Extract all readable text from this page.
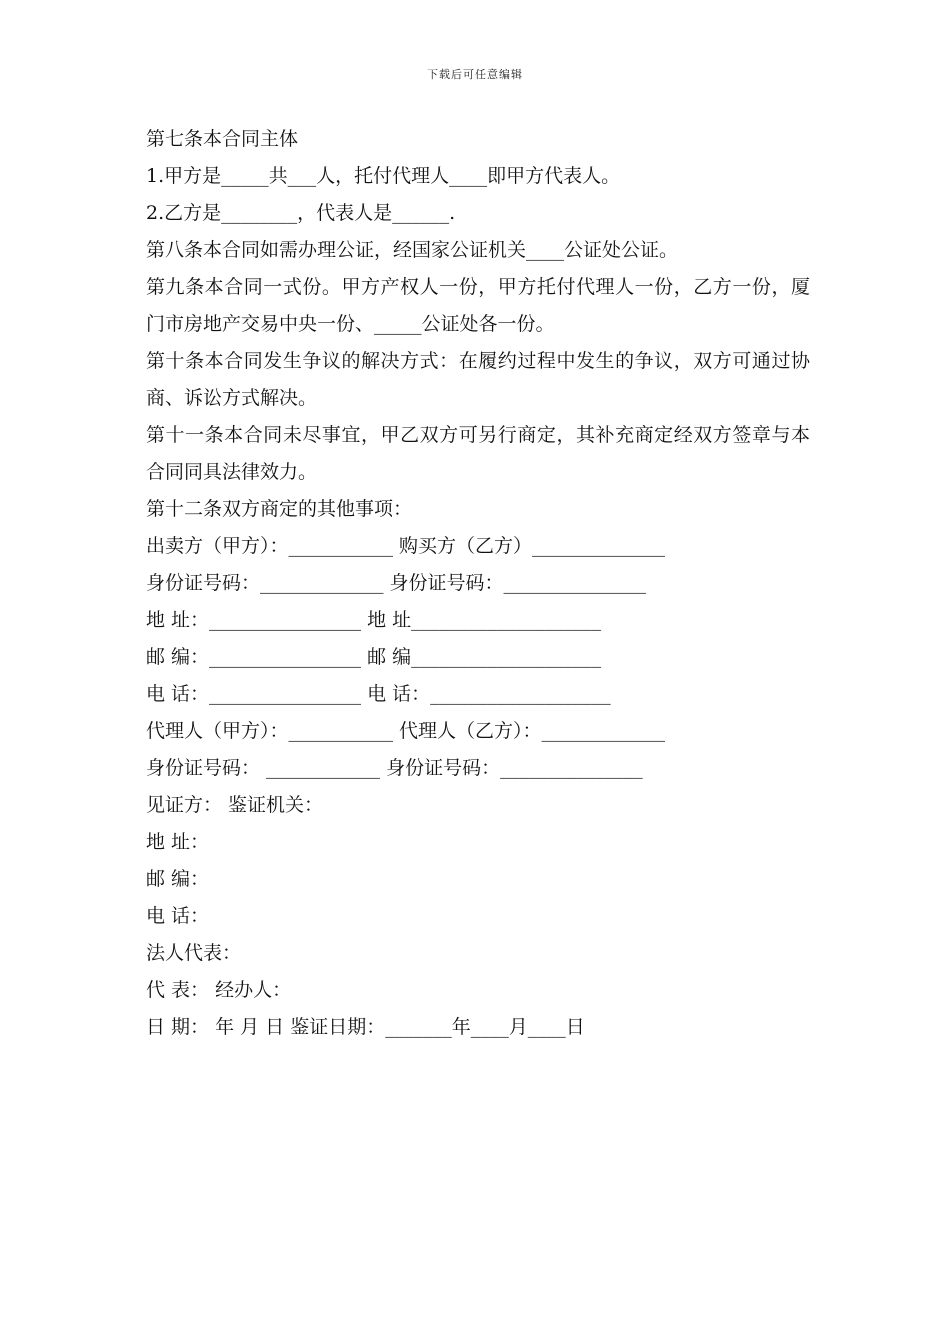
下载后可任意编辑

第七条本合同主体

1.甲方是_____共___人，托付代理人____即甲方代表人。

2.乙方是________，代表人是______.

第八条本合同如需办理公证，经国家公证机关____公证处公证。

第九条本合同一式份。甲方产权人一份，甲方托付代理人一份，乙方一份，厦门市房地产交易中央一份、_____公证处各一份。

第十条本合同发生争议的解决方式：在履约过程中发生的争议，双方可通过协商、诉讼方式解决。

第十一条本合同未尽事宜，甲乙双方可另行商定，其补充商定经双方签章与本合同同具法律效力。

第十二条双方商定的其他事项：

出卖方（甲方）：___________ 购买方（乙方）______________

身份证号码：_____________ 身份证号码：_______________

地 址：________________ 地 址____________________

邮 编：________________ 邮 编____________________

电 话：________________ 电 话：___________________

代理人（甲方）：___________ 代理人（乙方）：_____________

身份证号码： ____________ 身份证号码：_______________

见证方： 鉴证机关：

地 址：

邮 编：

电 话：

法人代表：

代 表： 经办人：

日 期： 年 月 日 鉴证日期：_______年____月____日
